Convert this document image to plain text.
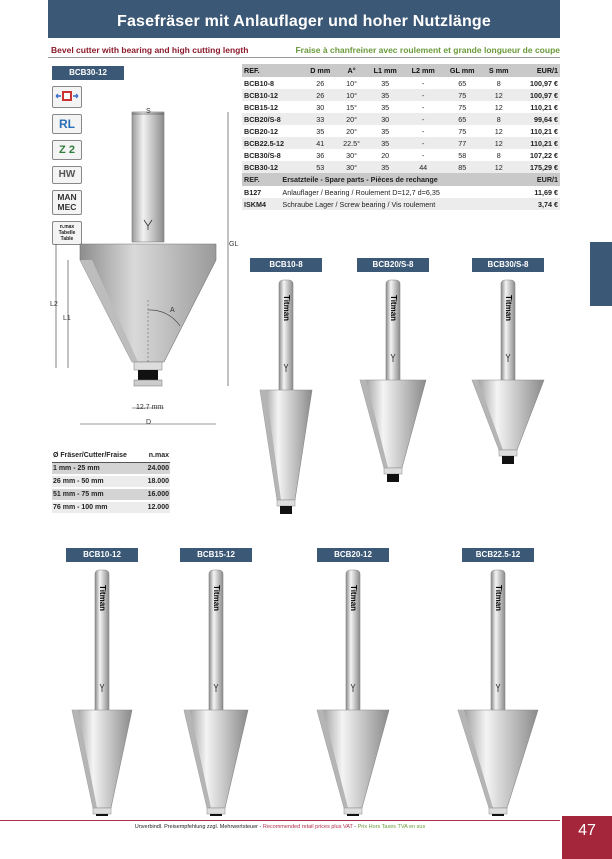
Fasefräser mit Anlauflager und hoher Nutzlänge
Bevel cutter with bearing and high cutting length	Fraise à chanfreiner avec roulement et grande longueur de coupe
BCB30-12
RL
Z 2
HW
MAN MEC
n.max Tabelle Table
S
GL
L2
L1
A
12.7 mm
D
REF.	D mm	A°	L1 mm	L2 mm	GL mm	S mm	EUR/1
BCB10-8	26	10°	35	-	65	8	100,97 €
BCB10-12	26	10°	35	-	75	12	100,97 €
BCB15-12	30	15°	35	-	75	12	110,21 €
BCB20/S-8	33	20°	30	-	65	8	99,64 €
BCB20-12	35	20°	35	-	75	12	110,21 €
BCB22.5-12	41	22.5°	35	-	77	12	110,21 €
BCB30/S-8	36	30°	20	-	58	8	107,22 €
BCB30-12	53	30°	35	44	85	12	175,29 €
REF.	Ersatzteile - Spare parts - Pièces de rechange	EUR/1
B127	Anlauflager / Bearing / Roulement D=12,7 d=6,35	11,69 €
ISKM4	Schraube Lager / Screw bearing / Vis roulement	3,74 €
Ø Fräser/Cutter/Fraise	n.max
1 mm - 25 mm	24.000
26 mm - 50 mm	18.000
51 mm - 75 mm	16.000
76 mm - 100 mm	12.000
BCB10-8
Titman
BCB20/S-8
Titman
BCB30/S-8
Titman
BCB10-12
Titman
BCB15-12
Titman
BCB20-12
Titman
BCB22.5-12
Titman
Unverbindl. Preisempfehlung zzgl. Mehrwertsteuer - Recommended retail prices plus VAT - Prix Hors Taxes TVA en sus	47
